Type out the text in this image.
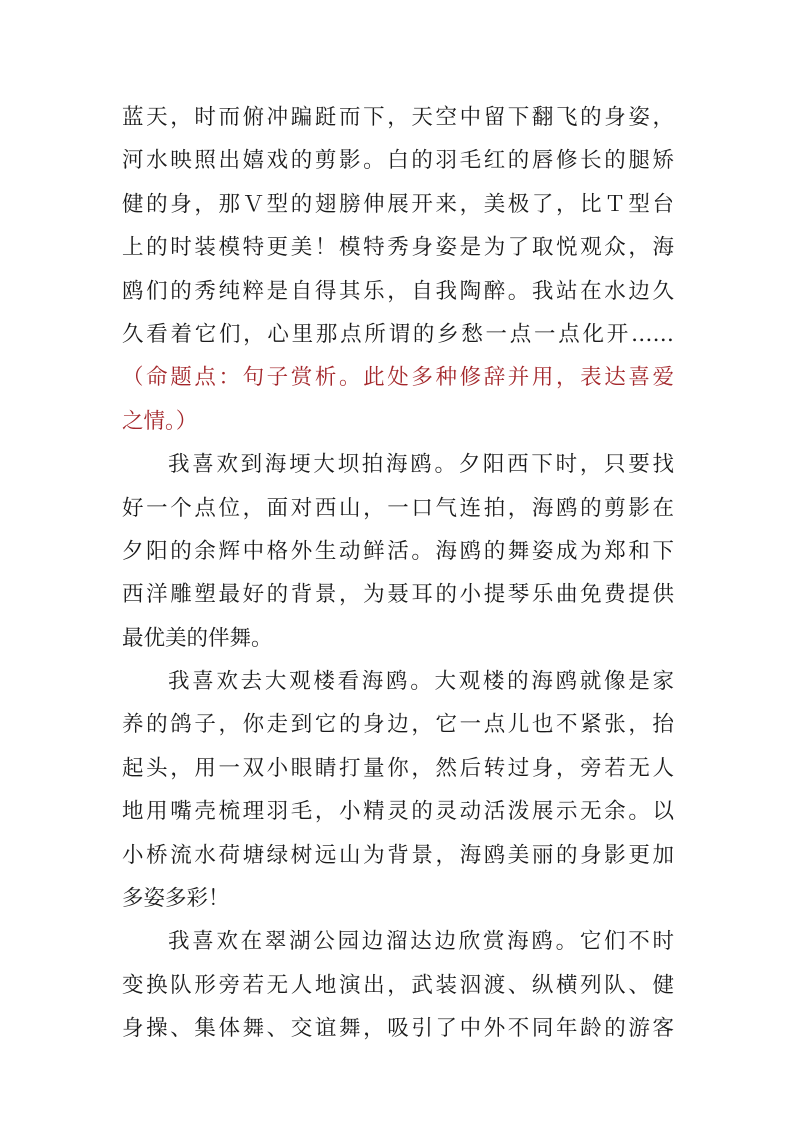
蓝天，时而俯冲蹁跹而下，天空中留下翻飞的身姿，
河水映照出嬉戏的剪影。白的羽毛红的唇修长的腿矫
健的身，那Ｖ型的翅膀伸展开来，美极了，比Ｔ型台
上的时装模特更美！模特秀身姿是为了取悦观众，海
鸥们的秀纯粹是自得其乐，自我陶醉。我站在水边久
久看着它们，心里那点所谓的乡愁一点一点化开……
（命题点：句子赏析。此处多种修辞并用，表达喜爱
之情。）
我喜欢到海埂大坝拍海鸥。夕阳西下时，只要找
好一个点位，面对西山，一口气连拍，海鸥的剪影在
夕阳的余辉中格外生动鲜活。海鸥的舞姿成为郑和下
西洋雕塑最好的背景，为聂耳的小提琴乐曲免费提供
最优美的伴舞。
我喜欢去大观楼看海鸥。大观楼的海鸥就像是家
养的鸽子，你走到它的身边，它一点儿也不紧张，抬
起头，用一双小眼睛打量你，然后转过身，旁若无人
地用嘴壳梳理羽毛，小精灵的灵动活泼展示无余。以
小桥流水荷塘绿树远山为背景，海鸥美丽的身影更加
多姿多彩！
我喜欢在翠湖公园边溜达边欣赏海鸥。它们不时
变换队形旁若无人地演出，武装泅渡、纵横列队、健
身操、集体舞、交谊舞，吸引了中外不同年龄的游客
